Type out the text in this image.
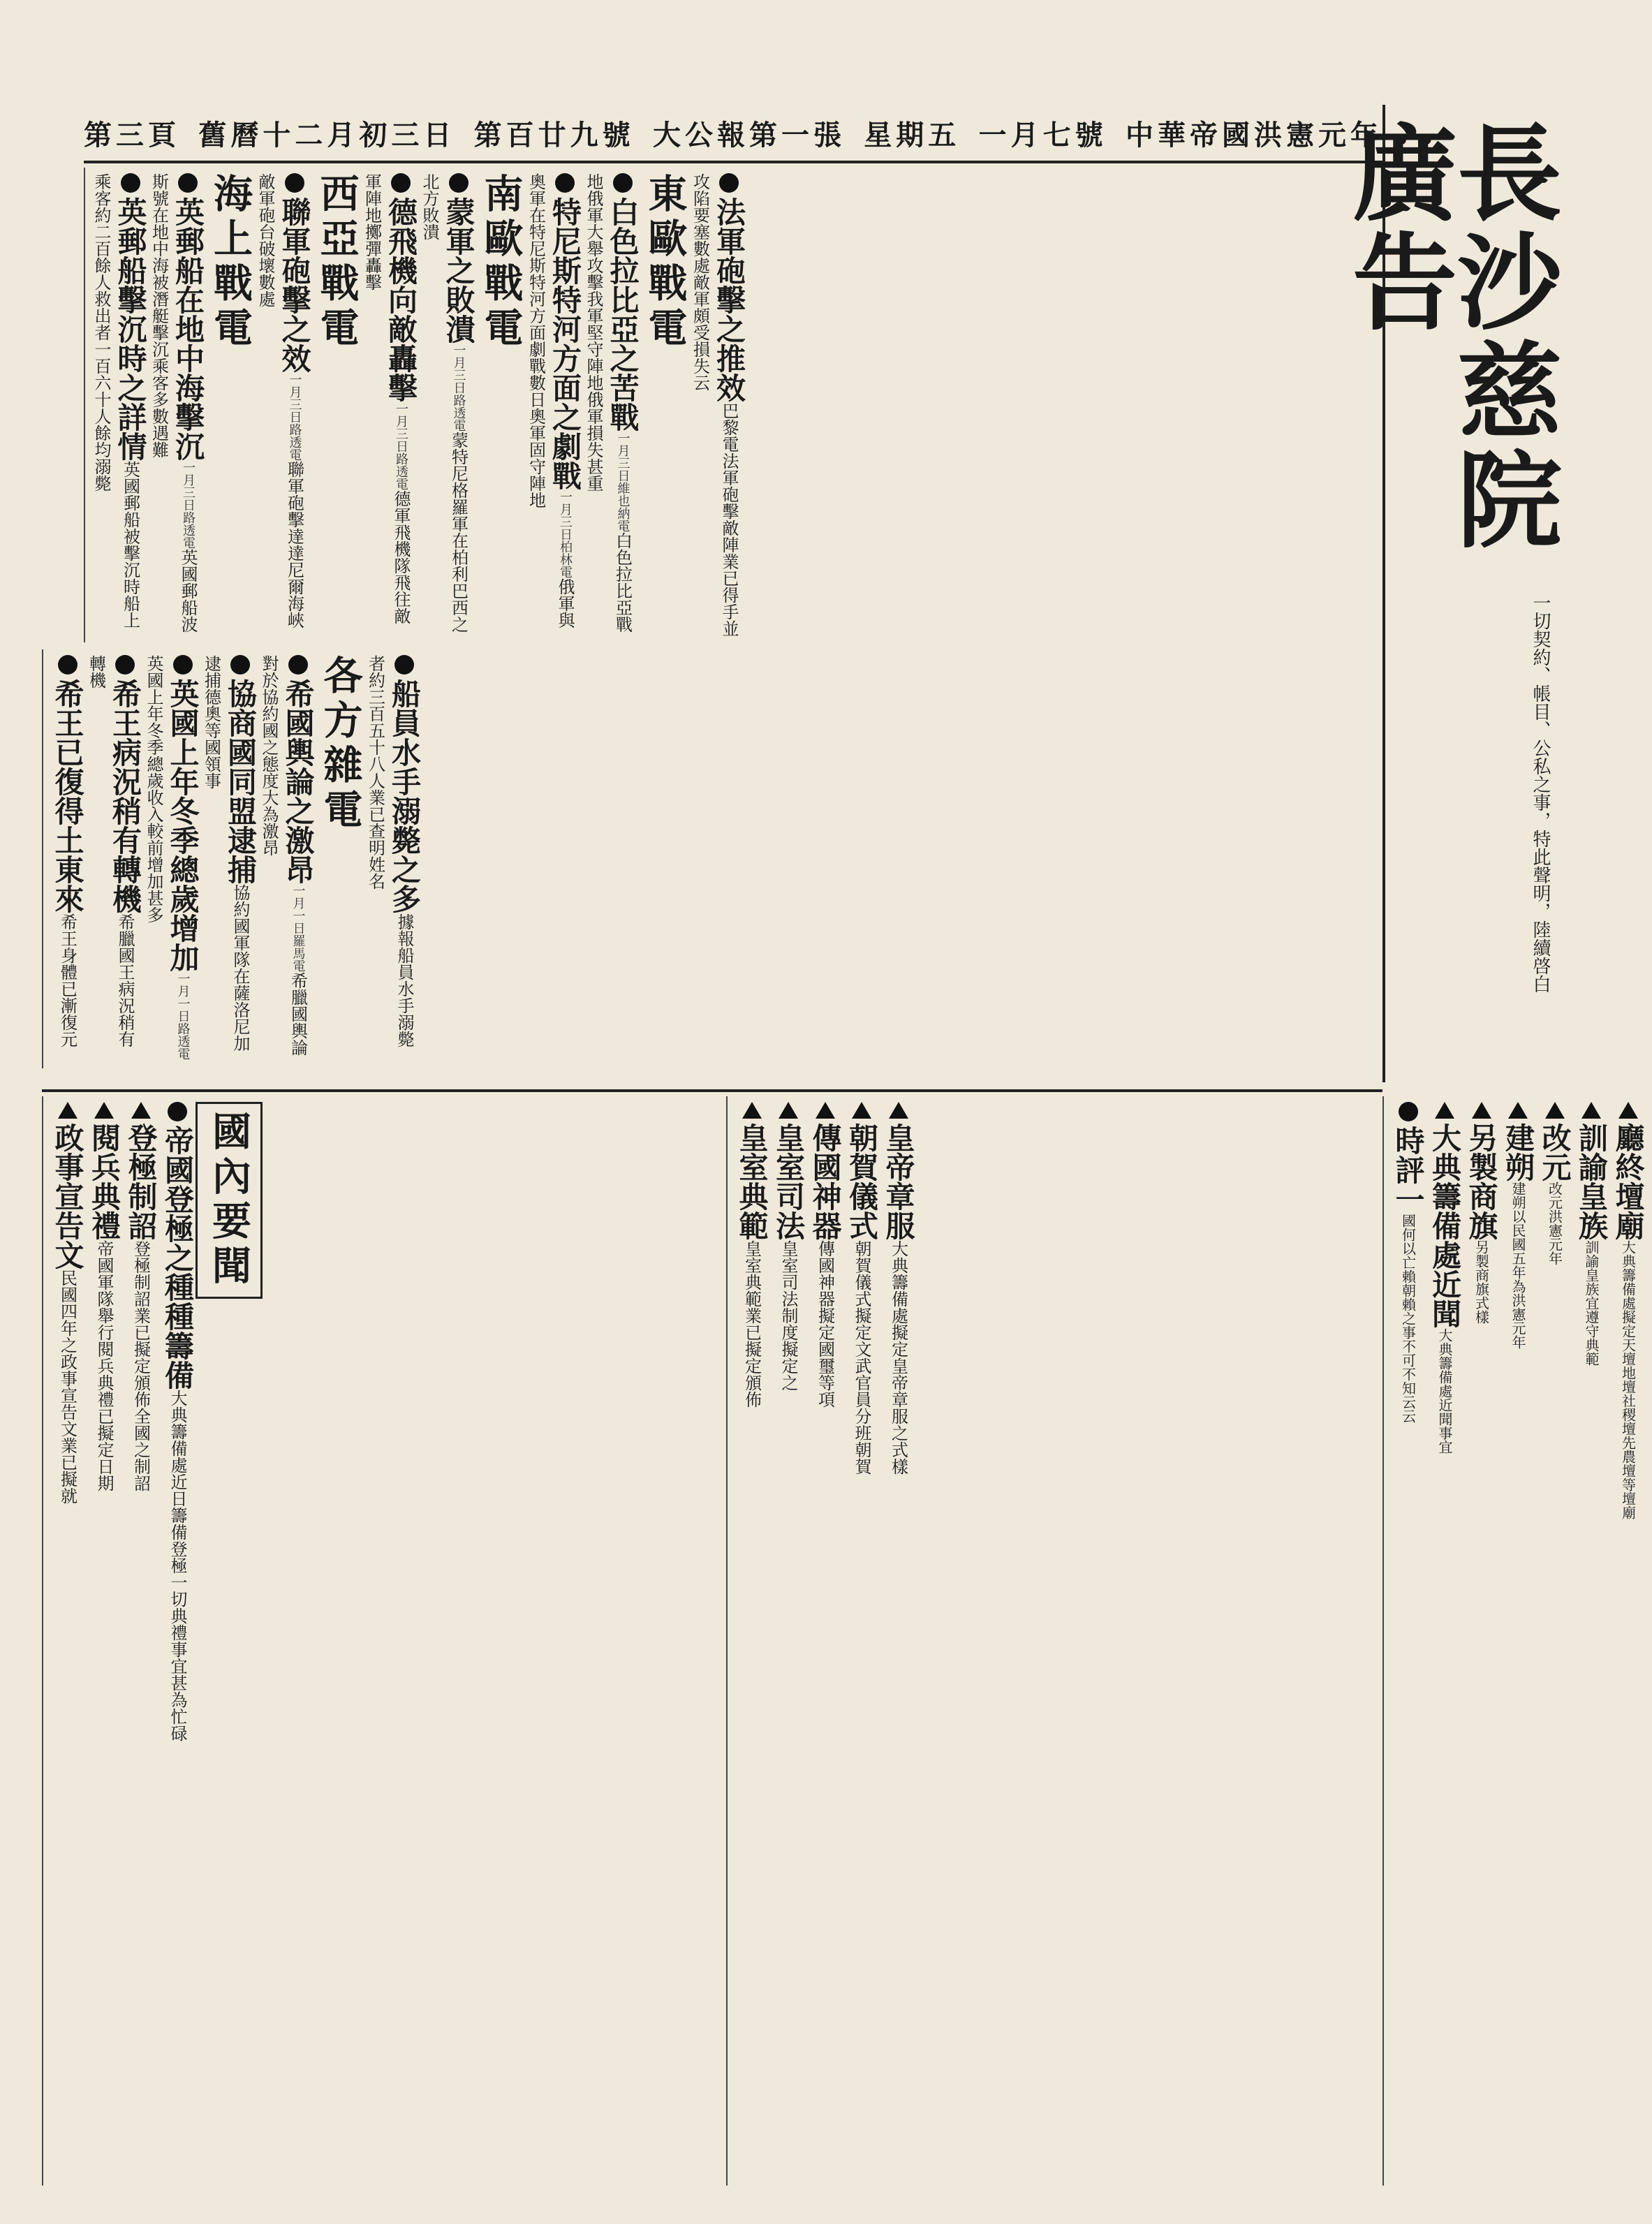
第三頁 舊曆十二月初三日 第百廿九號 大公報第一張 星期五 一月七號 中華帝國洪憲元年 長沙慈院廣告
一切契約、帳目、公私之事，特此聲明，陸續啓白
法軍砲擊之推效巴黎電法軍砲擊敵陣業已得手並攻陷要塞數處敵軍頗受損失云
東歐戰電
白色拉比亞之苦戰一月三日維也納電白色拉比亞戰地俄軍大舉攻擊我軍堅守陣地俄軍損失甚重
特尼斯特河方面之劇戰一月三日柏林電俄軍與奧軍在特尼斯特河方面劇戰數日奧軍固守陣地
南歐戰電
蒙軍之敗潰一月三日路透電蒙特尼格羅軍在柏利巴西之北方敗潰
德飛機向敵轟擊一月三日路透電德軍飛機隊飛往敵軍陣地擲彈轟擊
西亞戰電
聯軍砲擊之效一月三日路透電聯軍砲擊達達尼爾海峽敵軍砲台破壞數處
海上戰電
英郵船在地中海擊沉一月三日路透電英國郵船波斯號在地中海被潛艇擊沉乘客多數遇難
英郵船擊沉時之詳情英國郵船被擊沉時船上乘客約二百餘人救出者一百六十人餘均溺斃
船員水手溺斃之多據報船員水手溺斃者約三百五十八人業已查明姓名
各方雜電
希國輿論之激昂一月一日羅馬電希臘國輿論對於協約國之態度大為激昂
協商國同盟逮捕協約國軍隊在薩洛尼加逮捕德奧等國領事
英國上年冬季總歲增加一月一日路透電英國上年冬季總歲收入較前增加甚多
希王病況稍有轉機希臘國王病況稍有轉機
希王已復得土東來希王身體已漸復元
國內要聞
帝國登極之種種籌備大典籌備處近日籌備登極一切典禮事宜甚為忙碌
登極制詔登極制詔業已擬定頒佈全國之制詔
閱兵典禮帝國軍隊舉行閱兵典禮已擬定日期
政事宣告文民國四年之政事宣告文業已擬就
皇帝章服大典籌備處擬定皇帝章服之式樣
朝賀儀式朝賀儀式擬定文武官員分班朝賀
傳國神器傳國神器擬定國璽等項
皇室司法皇室司法制度擬定之
皇室典範皇室典範業已擬定頒佈
廳終壇廟大典籌備處擬定天壇地壇社稷壇先農壇等壇廟
訓諭皇族訓諭皇族宜遵守典範
改元改元洪憲元年
建朔建朔以民國五年為洪憲元年
另製商旗另製商旗式樣
大典籌備處近聞大典籌備處近聞事宜
時評一國何以亡賴朝賴之事不可不知云云
